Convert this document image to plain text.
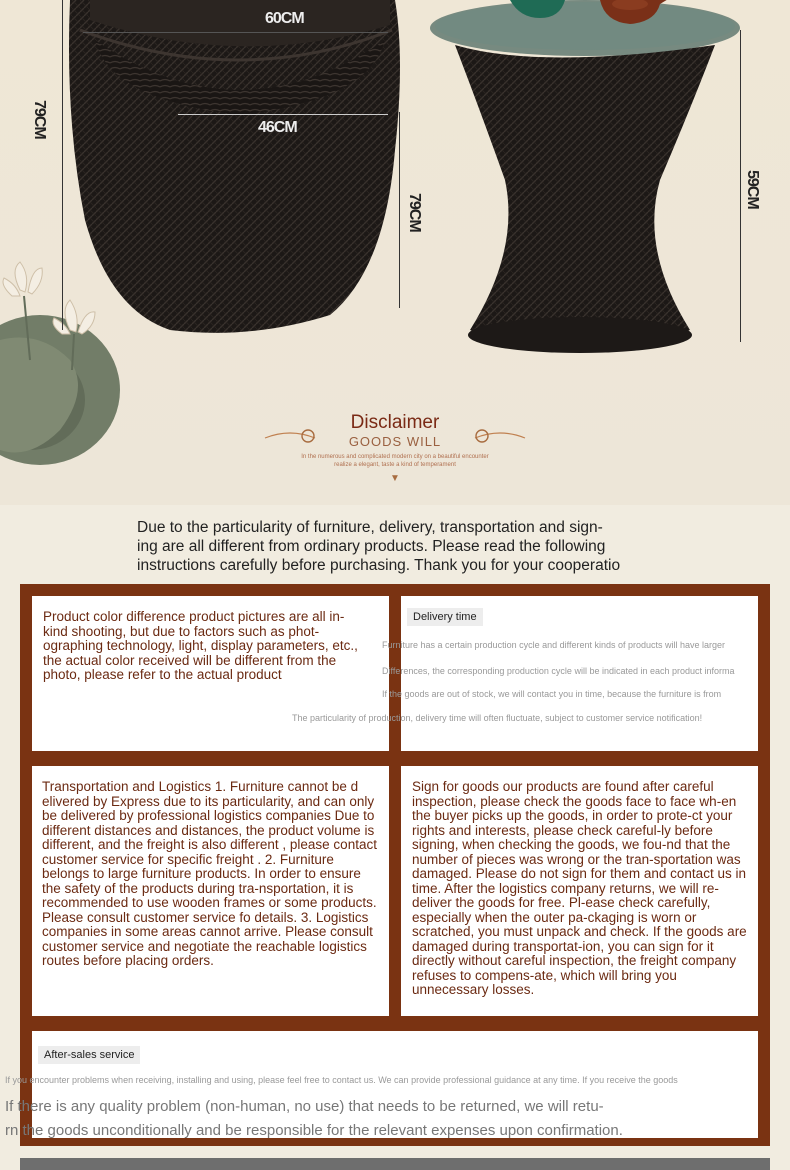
60CM
46CM
79CM
79CM
59CM
Disclaimer
GOODS WILL
In the numerous and complicated modern city on a beautiful encounter
realize a elegant, taste a kind of temperament
▼
Due to the particularity of furniture, delivery, transportation and sign-
ing are all different from ordinary products. Please read the following
instructions carefully before purchasing. Thank you for your cooperatio

Product color difference product pictures are all in-kind shooting, but due to factors such as phot-ographing technology, light, display parameters, etc., the actual color received will be different from the photo, please refer to the actual product

Delivery time

Transportation and Logistics 1. Furniture cannot be d elivered by Express due to its particularity, and can only be delivered by professional logistics companies Due to different distances and distances, the product volume is different, and the freight is also different , please contact customer service for specific freight . 2. Furniture belongs to large furniture products. In order to ensure the safety of the products during tra-nsportation, it is recommended to use wooden frames or some products. Please consult customer service fo details. 3. Logistics companies in some areas cannot arrive. Please consult customer service and negotiate the reachable logistics routes before placing orders.

Sign for goods our products are found after careful inspection, please check the goods face to face wh-en the buyer picks up the goods, in order to prote-ct your rights and interests, please check careful-ly before signing, when checking the goods, we fou-nd that the number of pieces was wrong or the tran-sportation was damaged. Please do not sign for them and contact us in time. After the logistics company returns, we will re-deliver the goods for free. Pl-ease check carefully, especially when the outer pa-ckaging is worn or scratched, you must unpack and check. If the goods are damaged during transportat-ion, you can sign for it directly without careful inspection, the freight company refuses to compens-ate, which will bring you unnecessary losses.

After-sales service
Furniture has a certain production cycle and different kinds of products will have larger
Differences, the corresponding production cycle will be indicated in each product informa
If the goods are out of stock, we will contact you in time, because the furniture is from
The particularity of production, delivery time will often fluctuate, subject to customer service notification!
If you encounter problems when receiving, installing and using, please feel free to contact us. We can provide professional guidance at any time. If you receive the goods
If there is any quality problem (non-human, no use) that needs to be returned, we will retu-
rn the goods unconditionally and be responsible for the relevant expenses upon confirmation.
